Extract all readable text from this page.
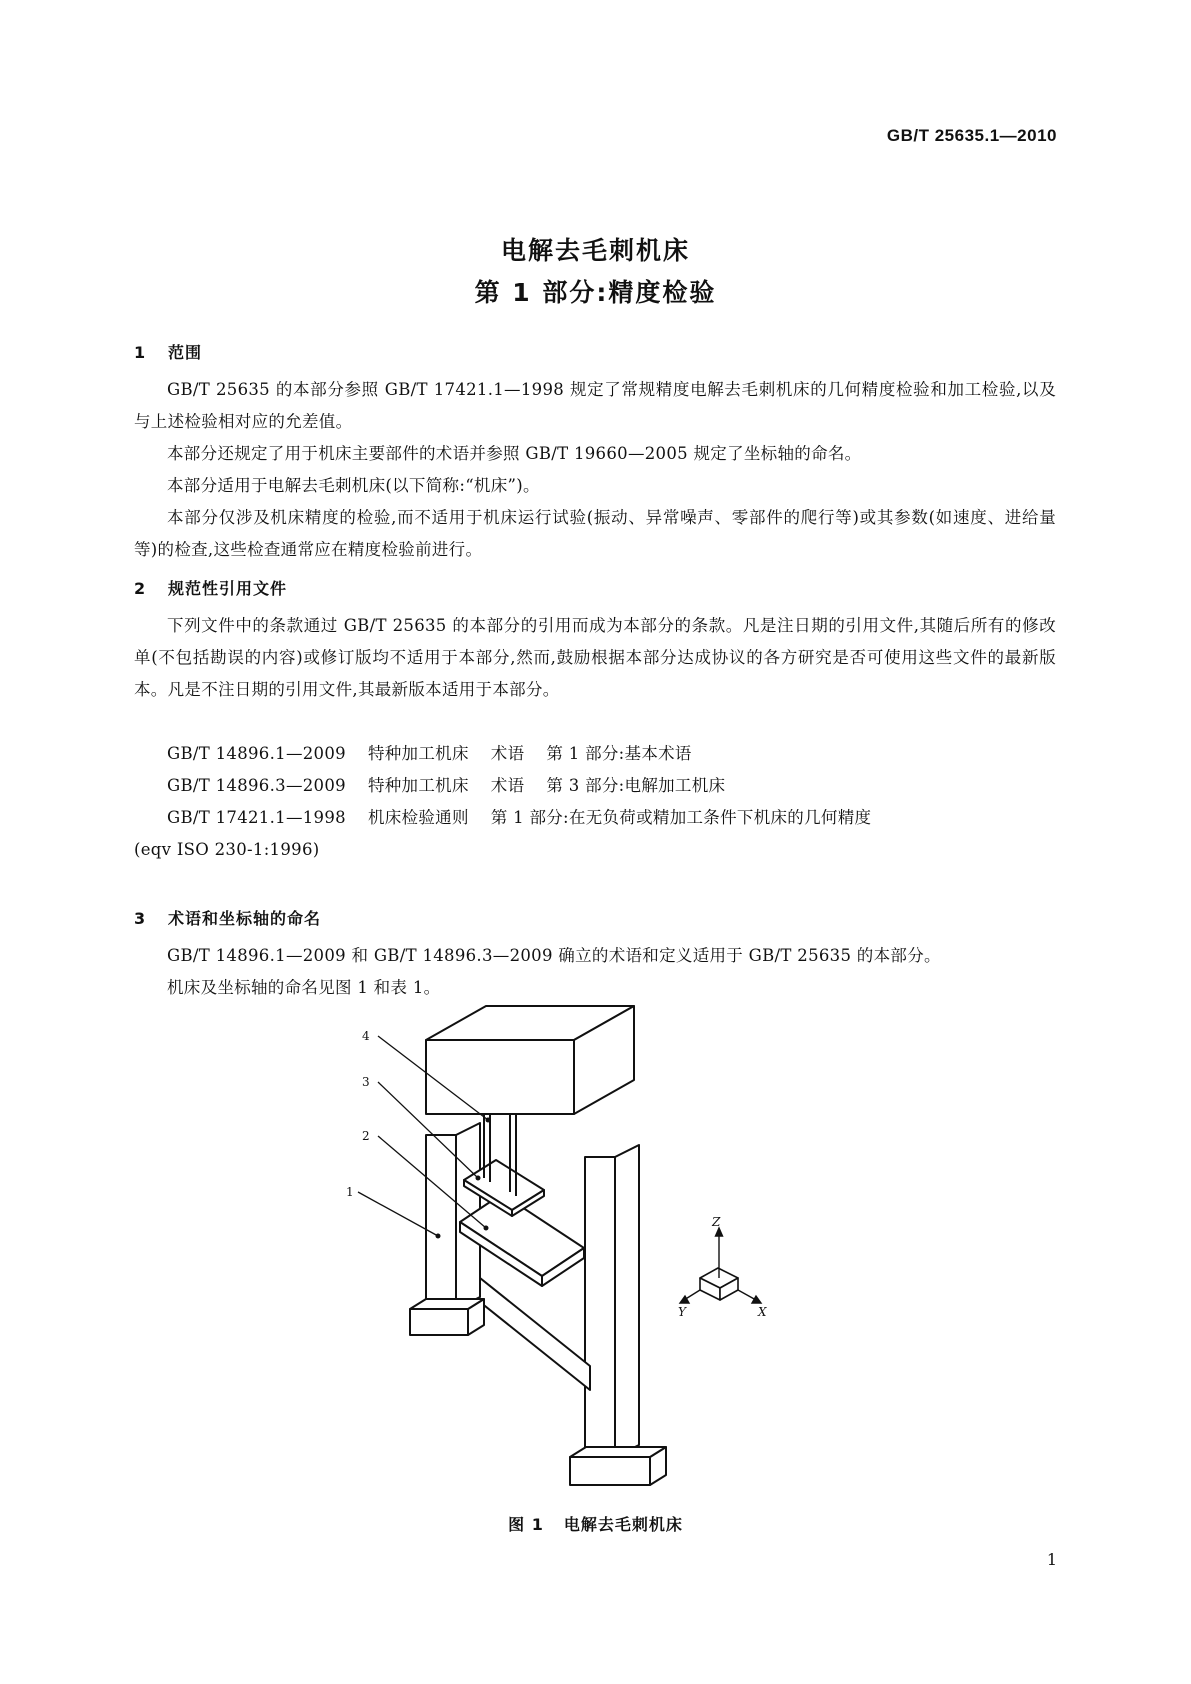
GB/T 25635.1—2010
电解去毛刺机床
第 1 部分:精度检验
1 范围
GB/T 25635 的本部分参照 GB/T 17421.1—1998 规定了常规精度电解去毛刺机床的几何精度检验和加工检验,以及与上述检验相对应的允差值。
本部分还规定了用于机床主要部件的术语并参照 GB/T 19660—2005 规定了坐标轴的命名。
本部分适用于电解去毛刺机床(以下简称:“机床”)。
本部分仅涉及机床精度的检验,而不适用于机床运行试验(振动、异常噪声、零部件的爬行等)或其参数(如速度、进给量等)的检查,这些检查通常应在精度检验前进行。
2 规范性引用文件
下列文件中的条款通过 GB/T 25635 的本部分的引用而成为本部分的条款。凡是注日期的引用文件,其随后所有的修改单(不包括勘误的内容)或修订版均不适用于本部分,然而,鼓励根据本部分达成协议的各方研究是否可使用这些文件的最新版本。凡是不注日期的引用文件,其最新版本适用于本部分。
GB/T 14896.1—2009 特种加工机床 术语 第 1 部分:基本术语
GB/T 14896.3—2009 特种加工机床 术语 第 3 部分:电解加工机床
GB/T 17421.1—1998 机床检验通则 第 1 部分:在无负荷或精加工条件下机床的几何精度
(eqv ISO 230-1:1996)
3 术语和坐标轴的命名
GB/T 14896.1—2009 和 GB/T 14896.3—2009 确立的术语和定义适用于 GB/T 25635 的本部分。
机床及坐标轴的命名见图 1 和表 1。
4
3
2
1
Z
X
Y
图 1 电解去毛刺机床
1
